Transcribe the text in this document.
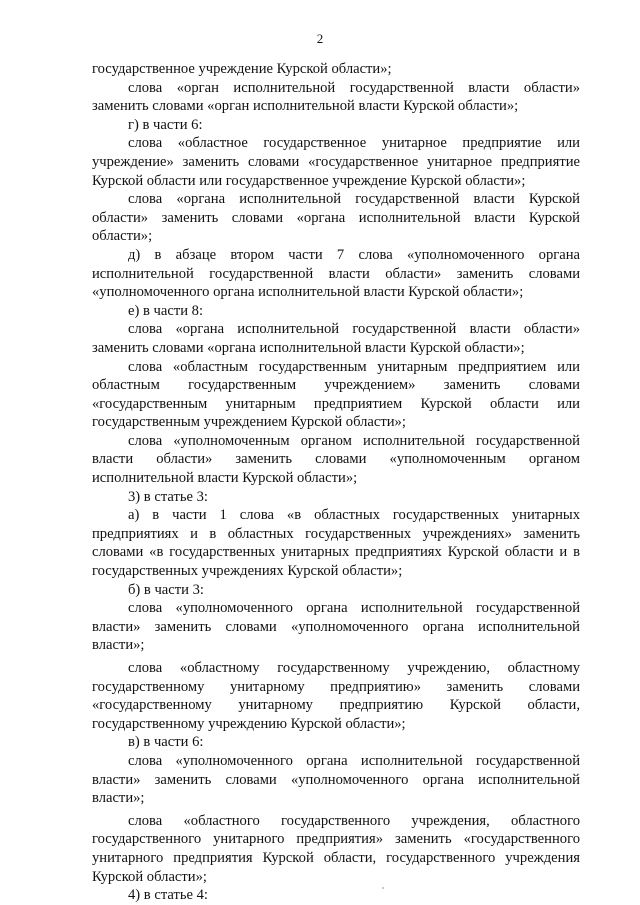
2

государственное учреждение Курской области»;

слова «орган исполнительной государственной власти области» заменить словами «орган исполнительной власти Курской области»;

г) в части 6:

слова «областное государственное унитарное предприятие или учреждение» заменить словами «государственное унитарное предприятие Курской области или государственное учреждение Курской области»;

слова «органа исполнительной государственной власти Курской области» заменить словами «органа исполнительной власти Курской области»;

д) в абзаце втором части 7 слова «уполномоченного органа исполнительной государственной власти области» заменить словами «уполномоченного органа исполнительной власти Курской области»;

е) в части 8:

слова «органа исполнительной государственной власти области» заменить словами «органа исполнительной власти Курской области»;

слова «областным государственным унитарным предприятием или областным государственным учреждением» заменить словами «государственным унитарным предприятием Курской области или государственным учреждением Курской области»;

слова «уполномоченным органом исполнительной государственной власти области» заменить словами «уполномоченным органом исполнительной власти Курской области»;

3) в статье 3:

а) в части 1 слова «в областных государственных унитарных предприятиях и в областных государственных учреждениях» заменить словами «в государственных унитарных предприятиях Курской области и в государственных учреждениях Курской области»;

б) в части 3:

слова «уполномоченного органа исполнительной государственной власти» заменить словами «уполномоченного органа исполнительной власти»;

слова «областному государственному учреждению, областному государственному унитарному предприятию» заменить словами «государственному унитарному предприятию Курской области, государственному учреждению Курской области»;

в) в части 6:

слова «уполномоченного органа исполнительной государственной власти» заменить словами «уполномоченного органа исполнительной власти»;

слова «областного государственного учреждения, областного государственного унитарного предприятия» заменить «государственного унитарного предприятия Курской области, государственного учреждения Курской области»;

4) в статье 4:
